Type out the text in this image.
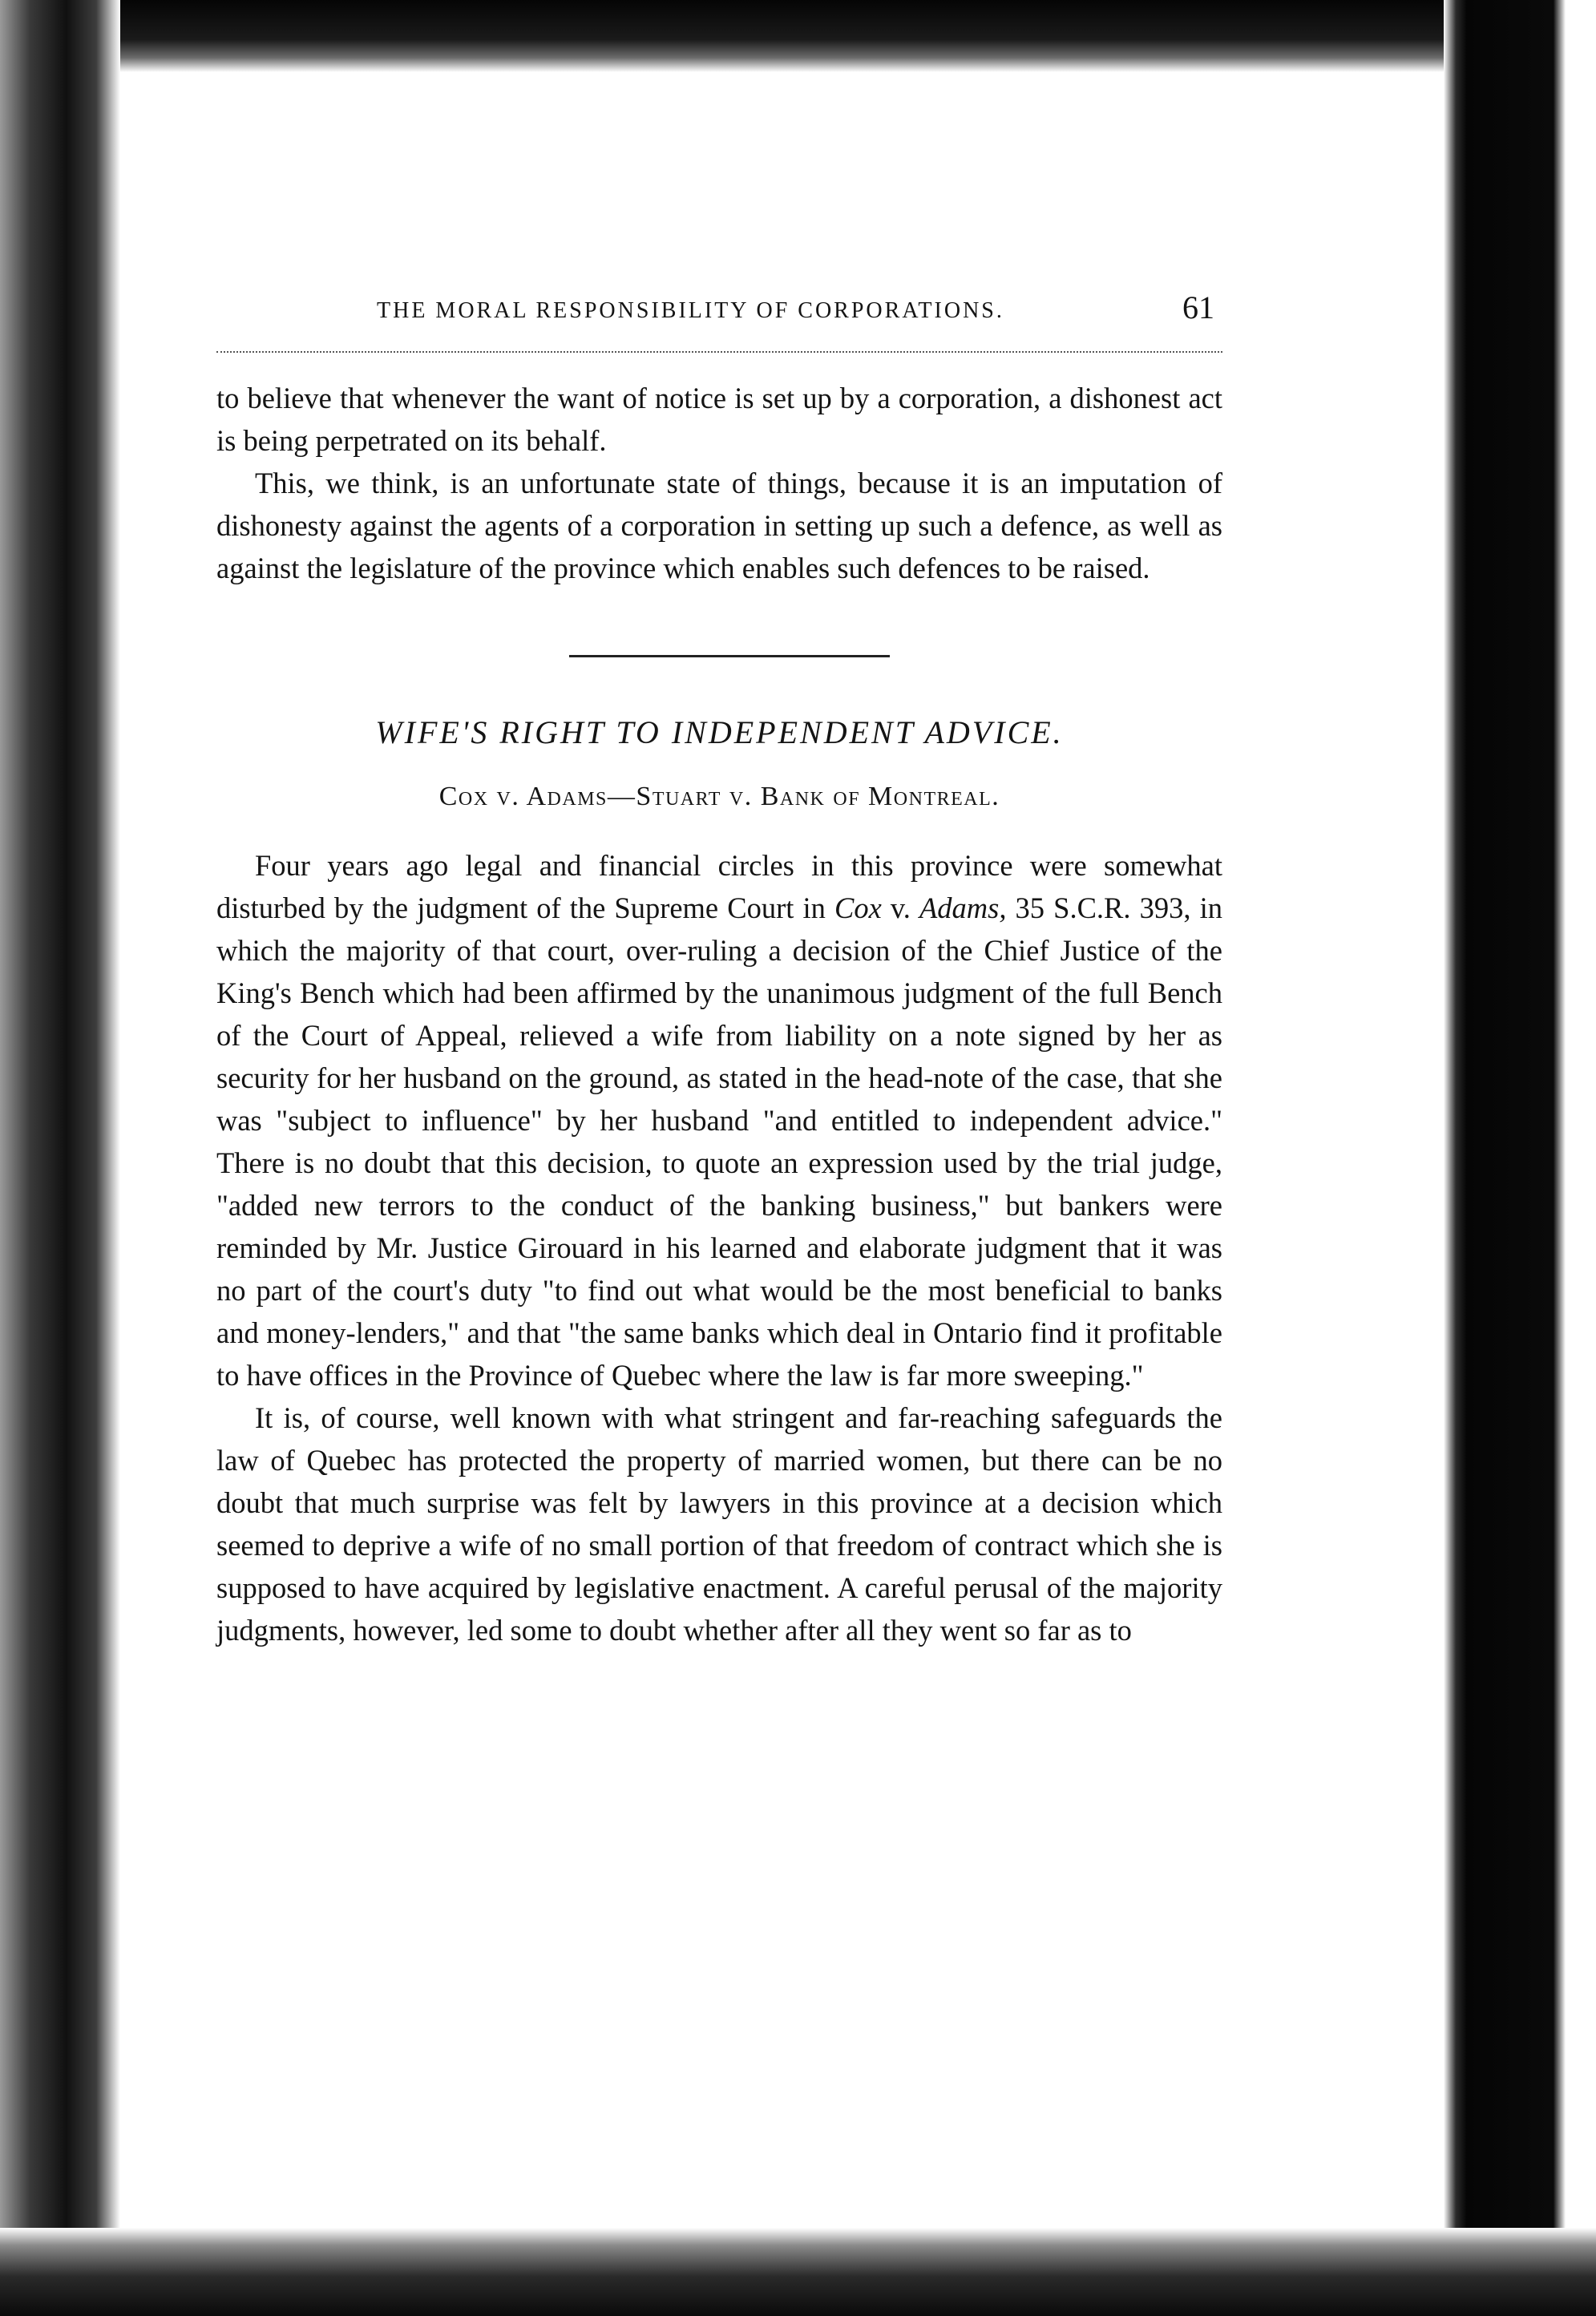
THE MORAL RESPONSIBILITY OF CORPORATIONS.	61

to believe that whenever the want of notice is set up by a corporation, a dishonest act is being perpetrated on its behalf.

This, we think, is an unfortunate state of things, because it is an imputation of dishonesty against the agents of a corporation in setting up such a defence, as well as against the legislature of the province which enables such defences to be raised.

WIFE'S RIGHT TO INDEPENDENT ADVICE.
Cox v. Adams—Stuart v. Bank of Montreal.

Four years ago legal and financial circles in this province were somewhat disturbed by the judgment of the Supreme Court in Cox v. Adams, 35 S.C.R. 393, in which the majority of that court, over-ruling a decision of the Chief Justice of the King's Bench which had been affirmed by the unanimous judgment of the full Bench of the Court of Appeal, relieved a wife from liability on a note signed by her as security for her husband on the ground, as stated in the head-note of the case, that she was "subject to influence" by her husband "and entitled to independent advice." There is no doubt that this decision, to quote an expression used by the trial judge, "added new terrors to the conduct of the banking business," but bankers were reminded by Mr. Justice Girouard in his learned and elaborate judgment that it was no part of the court's duty "to find out what would be the most beneficial to banks and money-lenders," and that "the same banks which deal in Ontario find it profitable to have offices in the Province of Quebec where the law is far more sweeping."

It is, of course, well known with what stringent and far-reaching safeguards the law of Quebec has protected the property of married women, but there can be no doubt that much surprise was felt by lawyers in this province at a decision which seemed to deprive a wife of no small portion of that freedom of contract which she is supposed to have acquired by legislative enactment. A careful perusal of the majority judgments, however, led some to doubt whether after all they went so far as to
